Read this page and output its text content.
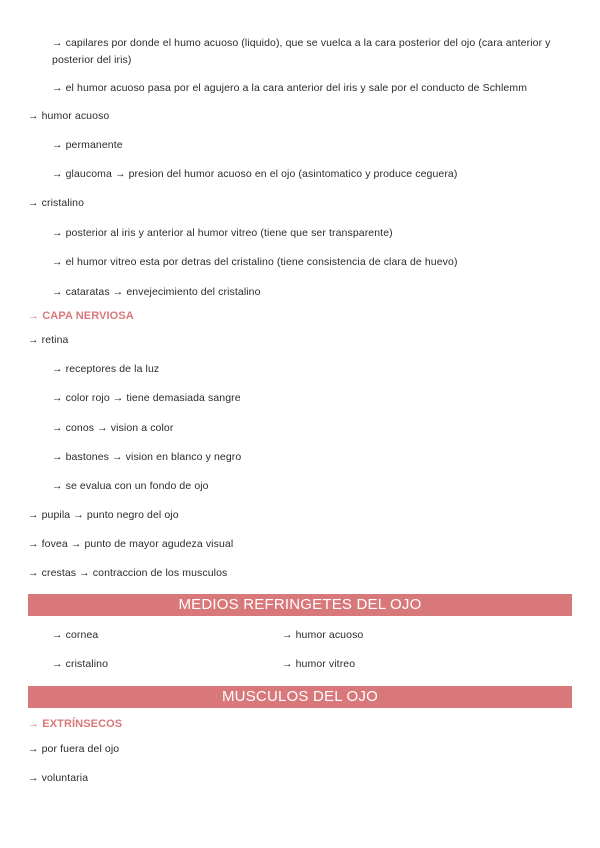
→ capilares por donde el humo acuoso (liquido), que se vuelca a la cara posterior del ojo (cara anterior y posterior del iris)
→ el humor acuoso pasa por el agujero a la cara anterior del iris y sale por el conducto de Schlemm
→ humor acuoso
→ permanente
→ glaucoma → presion del humor acuoso en el ojo (asintomatico y produce ceguera)
→ cristalino
→ posterior al iris y anterior al humor vitreo (tiene que ser transparente)
→ el humor vitreo esta por detras del cristalino (tiene consistencia de clara de huevo)
→ cataratas → envejecimiento del cristalino
→ CAPA NERVIOSA
→ retina
→ receptores de la luz
→ color rojo → tiene demasiada sangre
→ conos → vision a color
→ bastones → vision en blanco y negro
→ se evalua con un fondo de ojo
→ pupila → punto negro del ojo
→ fovea → punto de mayor agudeza visual
→ crestas → contraccion de los musculos
MEDIOS REFRINGETES DEL OJO
→ cornea	→ humor acuoso
→ cristalino	→ humor vitreo
MUSCULOS DEL OJO
→ EXTRÍNSECOS
→ por fuera del ojo
→ voluntaria
